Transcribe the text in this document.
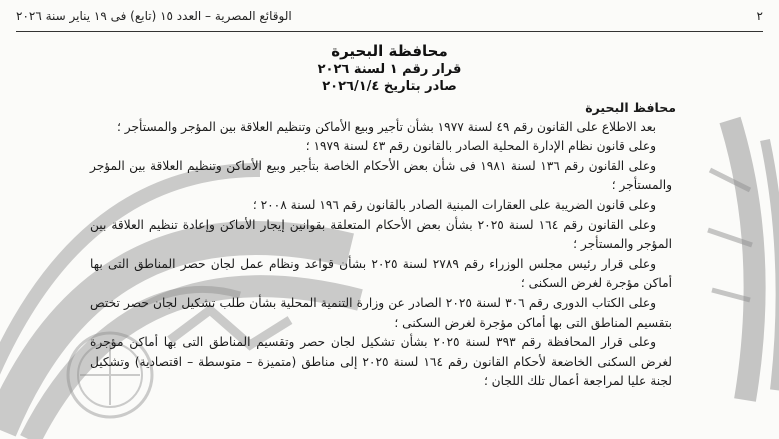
٢
الوقائع المصرية – العدد ١٥ (تابع) فى ١٩ يناير سنة ٢٠٢٦
محافظة البحيرة
قرار رقم ١ لسنة ٢٠٢٦
صادر بتاريخ ٢٠٢٦/١/٤
محافظ البحيرة

بعد الاطلاع على القانون رقم ٤٩ لسنة ١٩٧٧ بشأن تأجير وبيع الأماكن وتنظيم العلاقة بين المؤجر والمستأجر ؛

وعلى قانون نظام الإدارة المحلية الصادر بالقانون رقم ٤٣ لسنة ١٩٧٩ ؛

وعلى القانون رقم ١٣٦ لسنة ١٩٨١ فى شأن بعض الأحكام الخاصة بتأجير وبيع الأماكن وتنظيم العلاقة بين المؤجر والمستأجر ؛

وعلى قانون الضريبة على العقارات المبنية الصادر بالقانون رقم ١٩٦ لسنة ٢٠٠٨ ؛

وعلى القانون رقم ١٦٤ لسنة ٢٠٢٥ بشأن بعض الأحكام المتعلقة بقوانين إيجار الأماكن وإعادة تنظيم العلاقة بين المؤجر والمستأجر ؛

وعلى قرار رئيس مجلس الوزراء رقم ٢٧٨٩ لسنة ٢٠٢٥ بشأن قواعد ونظام عمل لجان حصر المناطق التى بها أماكن مؤجرة لغرض السكنى ؛

وعلى الكتاب الدورى رقم ٣٠٦ لسنة ٢٠٢٥ الصادر عن وزارة التنمية المحلية بشأن طلب تشكيل لجان حصر تختص بتقسيم المناطق التى بها أماكن مؤجرة لغرض السكنى ؛

وعلى قرار المحافظة رقم ٣٩٣ لسنة ٢٠٢٥ بشأن تشكيل لجان حصر وتقسيم المناطق التى بها أماكن مؤجرة لغرض السكنى الخاضعة لأحكام القانون رقم ١٦٤ لسنة ٢٠٢٥ إلى مناطق (متميزة – متوسطة – اقتصادية) وتشكيل لجنة عليا لمراجعة أعمال تلك اللجان ؛
